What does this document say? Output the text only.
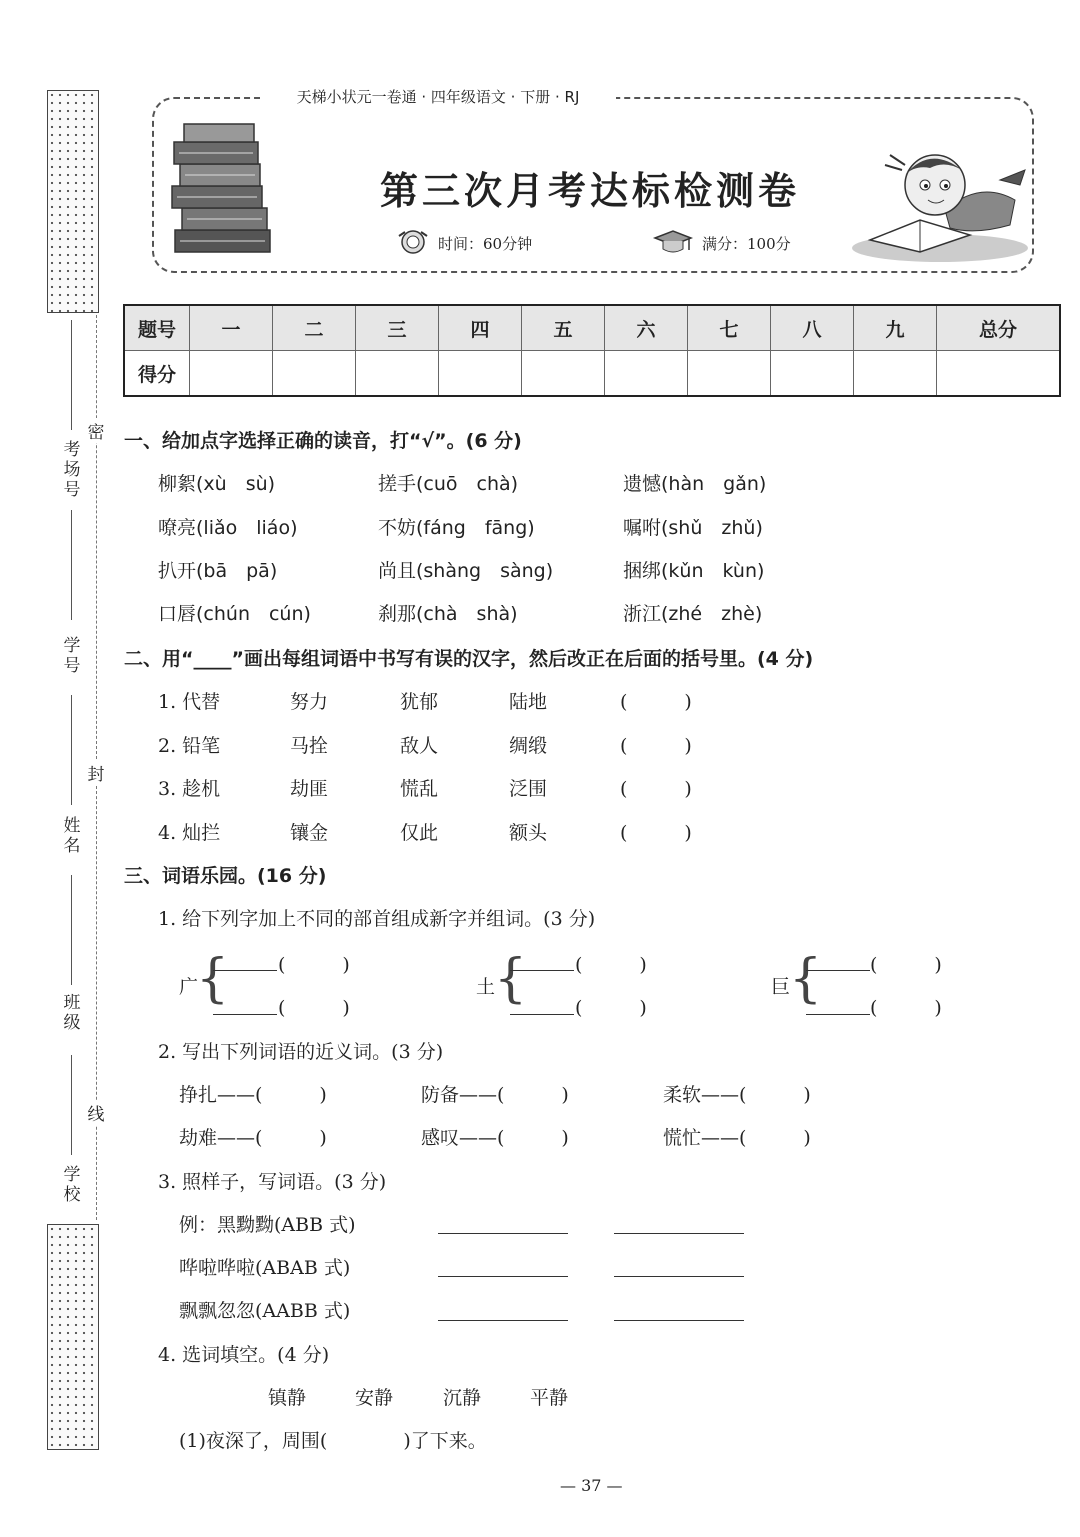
考场号
学号
姓名
班级
学校
密
封
线
天梯小状元一卷通 · 四年级语文 · 下册 · RJ
第三次月考达标检测卷
时间：60分钟	满分：100分
题号	一	二	三	四	五	六	七	八	九	总分
得分										
一、给加点字选择正确的读音，打“√”。(6 分)
柳絮(xù　sù)	搓手(cuō　chà)	遗憾(hàn　gǎn)
嘹亮(liǎo　liáo)	不妨(fáng　fāng)	嘱咐(shǔ　zhǔ)
扒开(bā　pā)	尚且(shàng　sàng)	捆绑(kǔn　kùn)
口唇(chún　cún)	刹那(chà　shà)	浙江(zhé　zhè)
二、用“____”画出每组词语中书写有误的汉字，然后改正在后面的括号里。(4 分)
1. 代替	努力	犹郁	陆地	(　　　)
2. 铅笔	马拴	敌人	绸缎	(　　　)
3. 趁机	劫匪	慌乱	泛围	(　　　)
4. 灿拦	镶金	仅此	额头	(　　　)
三、词语乐园。(16 分)
1. 给下列字加上不同的部首组成新字并组词。(3 分)
广
{	(　　　)
(　　　)
土
{	(　　　)
(　　　)
巨
{	(　　　)
(　　　)
2. 写出下列词语的近义词。(3 分)
挣扎——(　　　)	防备——(　　　)	柔软——(　　　)
劫难——(　　　)	感叹——(　　　)	慌忙——(　　　)
3. 照样子，写词语。(3 分)
例：黑黝黝(ABB 式)
哗啦哗啦(ABAB 式)
飘飘忽忽(AABB 式)
4. 选词填空。(4 分)
镇静	安静	沉静	平静
(1)夜深了，周围(　　　　)了下来。
— 37 —
